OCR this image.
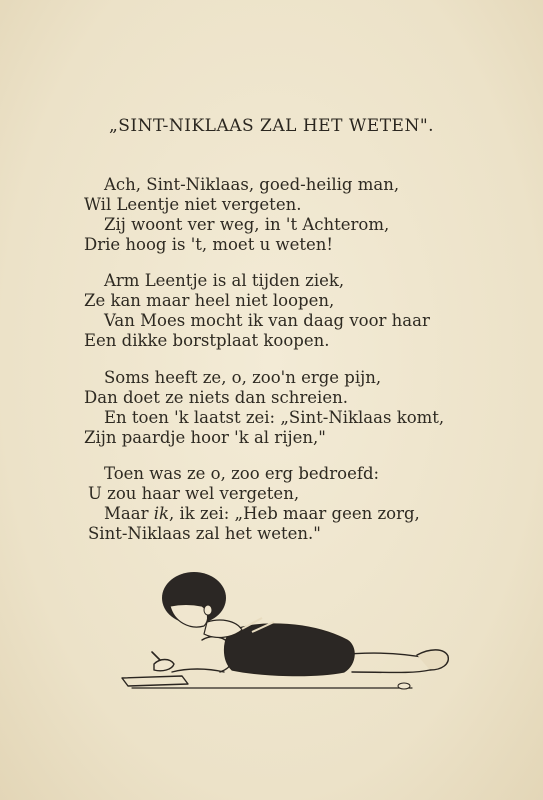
„SINT-NIKLAAS ZAL HET WETEN".
Ach, Sint-Niklaas, goed-heilig man,
Wil Leentje niet vergeten.
Zij woont ver weg, in 't Achterom,
Drie hoog is 't, moet u weten!
Arm Leentje is al tijden ziek,
Ze kan maar heel niet loopen,
Van Moes mocht ik van daag voor haar
Een dikke borstplaat koopen.
Soms heeft ze, o, zoo'n erge pijn,
Dan doet ze niets dan schreien.
En toen 'k laatst zei: „Sint-Niklaas komt,
Zijn paardje hoor 'k al rijen,"
Toen was ze o, zoo erg bedroefd:
U zou haar wel vergeten,
Maar ik, ik zei: „Heb maar geen zorg,
Sint-Niklaas zal het weten."
